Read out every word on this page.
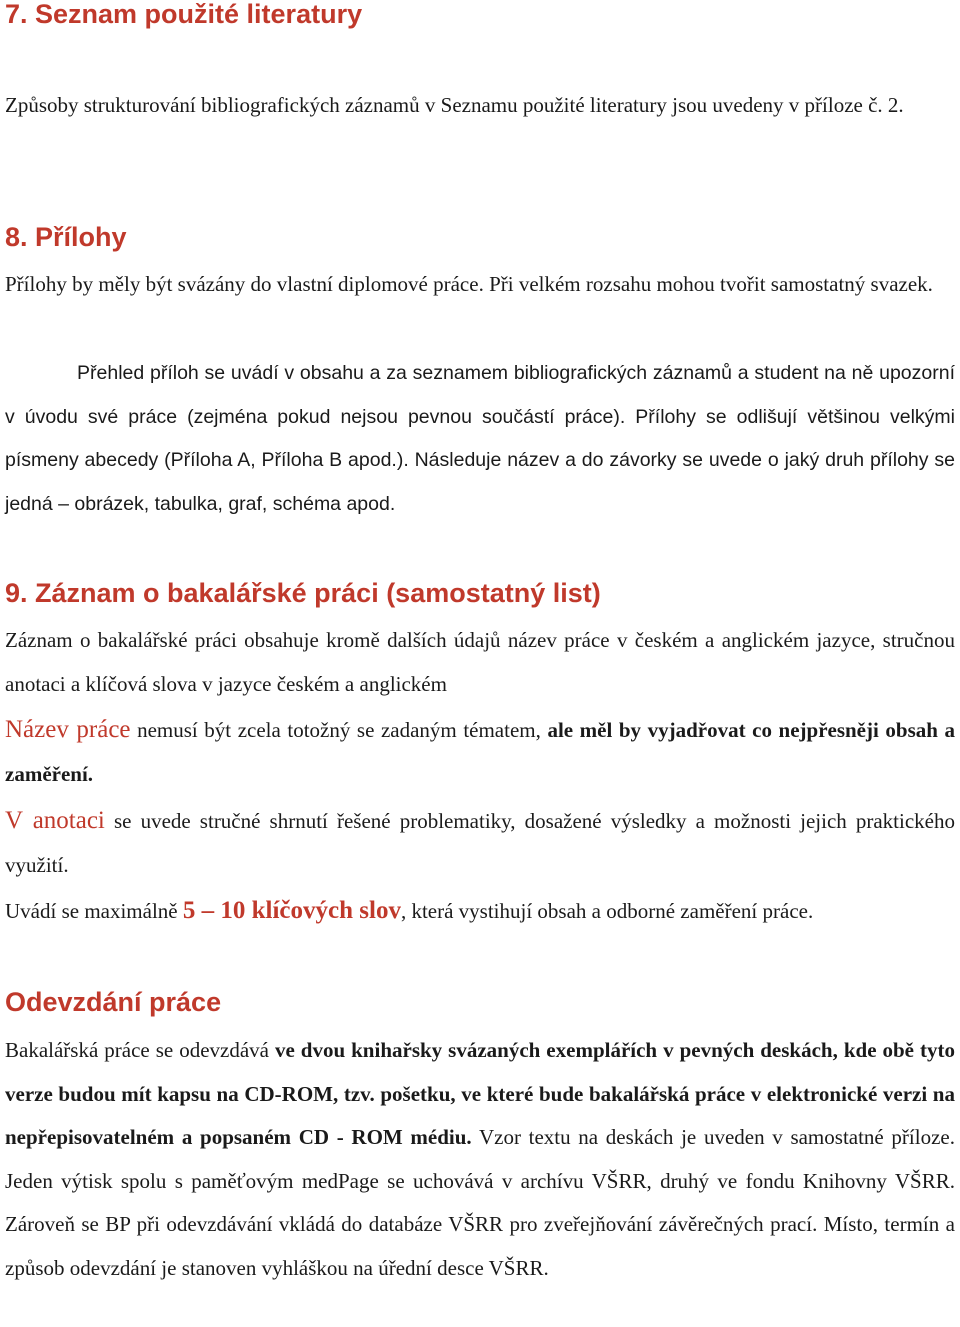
7. Seznam použité literatury

Způsoby strukturování bibliografických záznamů v Seznamu použité literatury jsou uvedeny v příloze č. 2.

8. Přílohy

Přílohy by měly být svázány do vlastní diplomové práce. Při velkém rozsahu mohou tvořit samostatný svazek.

Přehled příloh se uvádí v obsahu a za seznamem bibliografických záznamů a student na ně upozorní v úvodu své práce (zejména pokud nejsou pevnou součástí práce). Přílohy se odlišují většinou velkými písmeny abecedy (Příloha A, Příloha B apod.). Následuje název a do závorky se uvede o jaký druh přílohy se jedná – obrázek, tabulka, graf, schéma apod.

9. Záznam o bakalářské práci (samostatný list)

Záznam o bakalářské práci obsahuje kromě dalších údajů název práce v českém a anglickém jazyce, stručnou anotaci a klíčová slova v jazyce českém a anglickém

Název práce nemusí být zcela totožný se zadaným tématem, ale měl by vyjadřovat co nejpřesněji obsah a zaměření.

V anotaci se uvede stručné shrnutí řešené problematiky, dosažené výsledky a možnosti jejich praktického využití.

Uvádí se maximálně 5 – 10 klíčových slov, která vystihují obsah a odborné zaměření práce.

Odevzdání práce

Bakalářská práce se odevzdává ve dvou knihařsky svázaných exemplářích v pevných deskách, kde obě tyto verze budou mít kapsu na CD-ROM, tzv. pošetku, ve které bude bakalářská práce v elektronické verzi na nepřepisovatelném a popsaném CD - ROM médiu. Vzor textu na deskách je uveden v samostatné příloze. Jeden výtisk spolu s paměťovým medPage se uchovává v archívu VŠRR, druhý ve fondu Knihovny VŠRR. Zároveň se BP při odevzdávání vkládá do databáze VŠRR pro zveřejňování závěrečných prací. Místo, termín a způsob odevzdání je stanoven vyhláškou na úřední desce VŠRR.
